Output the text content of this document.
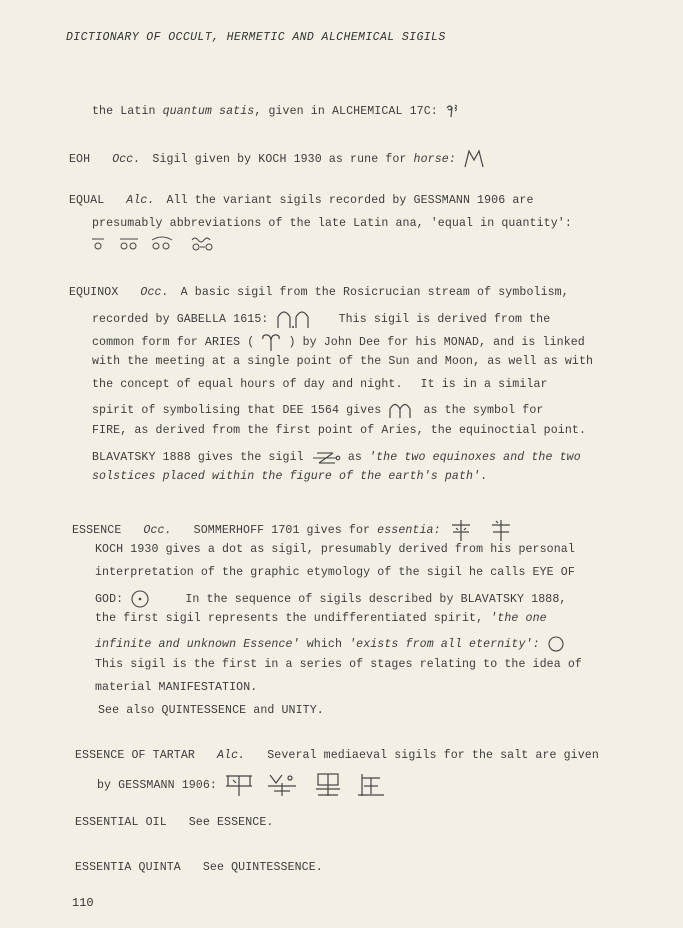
DICTIONARY OF OCCULT, HERMETIC AND ALCHEMICAL SIGILS
the Latin quantum satis, given in ALCHEMICAL 17C:
EOH Occ. Sigil given by KOCH 1930 as rune for horse:
EQUAL Alc. All the variant sigils recorded by GESSMANN 1906 are
presumably abbreviations of the late Latin ana, 'equal in quantity':
EQUINOX Occ. A basic sigil from the Rosicrucian stream of symbolism,
recorded by GABELLA 1615:	This sigil is derived from the
common form for ARIES (	) by John Dee for his MONAD, and is linked
with the meeting at a single point of the Sun and Moon, as well as with
the concept of equal hours of day and night. It is in a similar
spirit of symbolising that DEE 1564 gives	as the symbol for
FIRE, as derived from the first point of Aries, the equinoctial point.
BLAVATSKY 1888 gives the sigil	as 'the two equinoxes and the two
solstices placed within the figure of the earth's path'.
ESSENCE Occ. SOMMERHOFF 1701 gives for essentia:
KOCH 1930 gives a dot as sigil, presumably derived from his personal
interpretation of the graphic etymology of the sigil he calls EYE OF
GOD:	In the sequence of sigils described by BLAVATSKY 1888,
the first sigil represents the undifferentiated spirit, 'the one
infinite and unknown Essence' which 'exists from all eternity':
This sigil is the first in a series of stages relating to the idea of
material MANIFESTATION.
See also QUINTESSENCE and UNITY.
ESSENCE OF TARTAR Alc. Several mediaeval sigils for the salt are given
by GESSMANN 1906:
ESSENTIAL OIL See ESSENCE.
ESSENTIA QUINTA See QUINTESSENCE.
110
